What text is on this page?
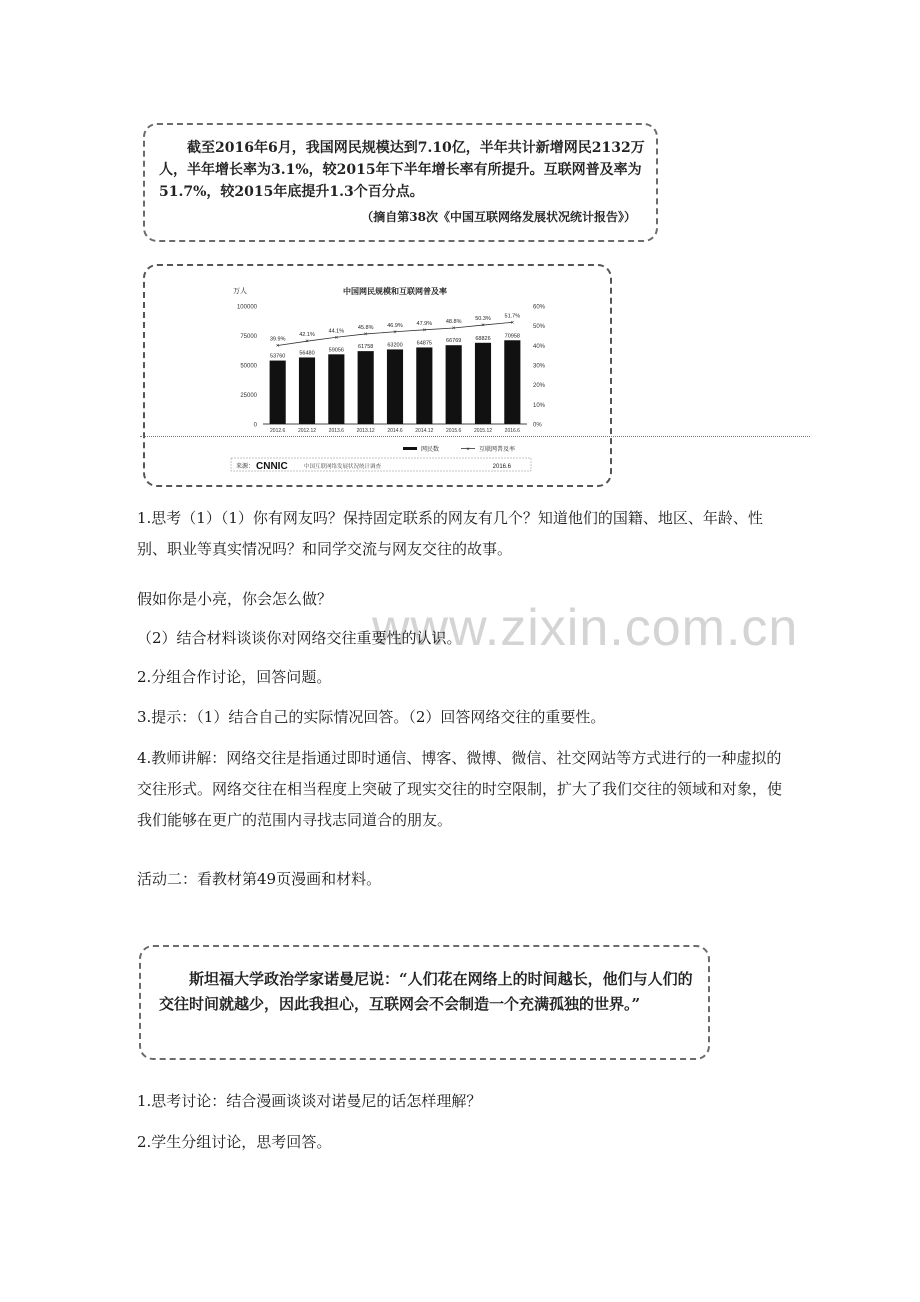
截至2016年6月，我国网民规模达到7.10亿，半年共计新增网民2132万人，半年增长率为3.1%，较2015年下半年增长率有所提升。互联网普及率为51.7%，较2015年底提升1.3个百分点。
（摘自第38次《中国互联网络发展状况统计报告》）
中国网民规模和互联网普及率
万人
100000
75000
50000
25000
0
60%
50%
40%
30%
20%
10%
0%
53760
2012.6
39.9%
56480
2012.12
42.1%
59056
2013.6
44.1%
61758
2013.12
45.8%
63200
2014.6
46.9%
64875
2014.12
47.9%
66769
2015.6
48.8%
68826
2015.12
50.3%
70958
2016.6
51.7%
×
×
×
×	×	×	×	×	×
网民数	× 互联网普及率
来源： CNNIC	中国互联网络发展状况统计调查	2016.6
www.zixin.com.cn
1.思考（1）（1）你有网友吗？保持固定联系的网友有几个？知道他们的国籍、地区、年龄、性别、职业等真实情况吗？和同学交流与网友交往的故事。
假如你是小亮，你会怎么做？
（2）结合材料谈谈你对网络交往重要性的认识。
2.分组合作讨论，回答问题。
3.提示：（1）结合自己的实际情况回答。（2）回答网络交往的重要性。
4.教师讲解：网络交往是指通过即时通信、博客、微博、微信、社交网站等方式进行的一种虚拟的交往形式。网络交往在相当程度上突破了现实交往的时空限制，扩大了我们交往的领域和对象，使我们能够在更广的范围内寻找志同道合的朋友。
活动二：看教材第49页漫画和材料。
斯坦福大学政治学家诺曼尼说：“人们花在网络上的时间越长，他们与人们的交往时间就越少，因此我担心，互联网会不会制造一个充满孤独的世界。”
1.思考讨论：结合漫画谈谈对诺曼尼的话怎样理解？
2.学生分组讨论，思考回答。
